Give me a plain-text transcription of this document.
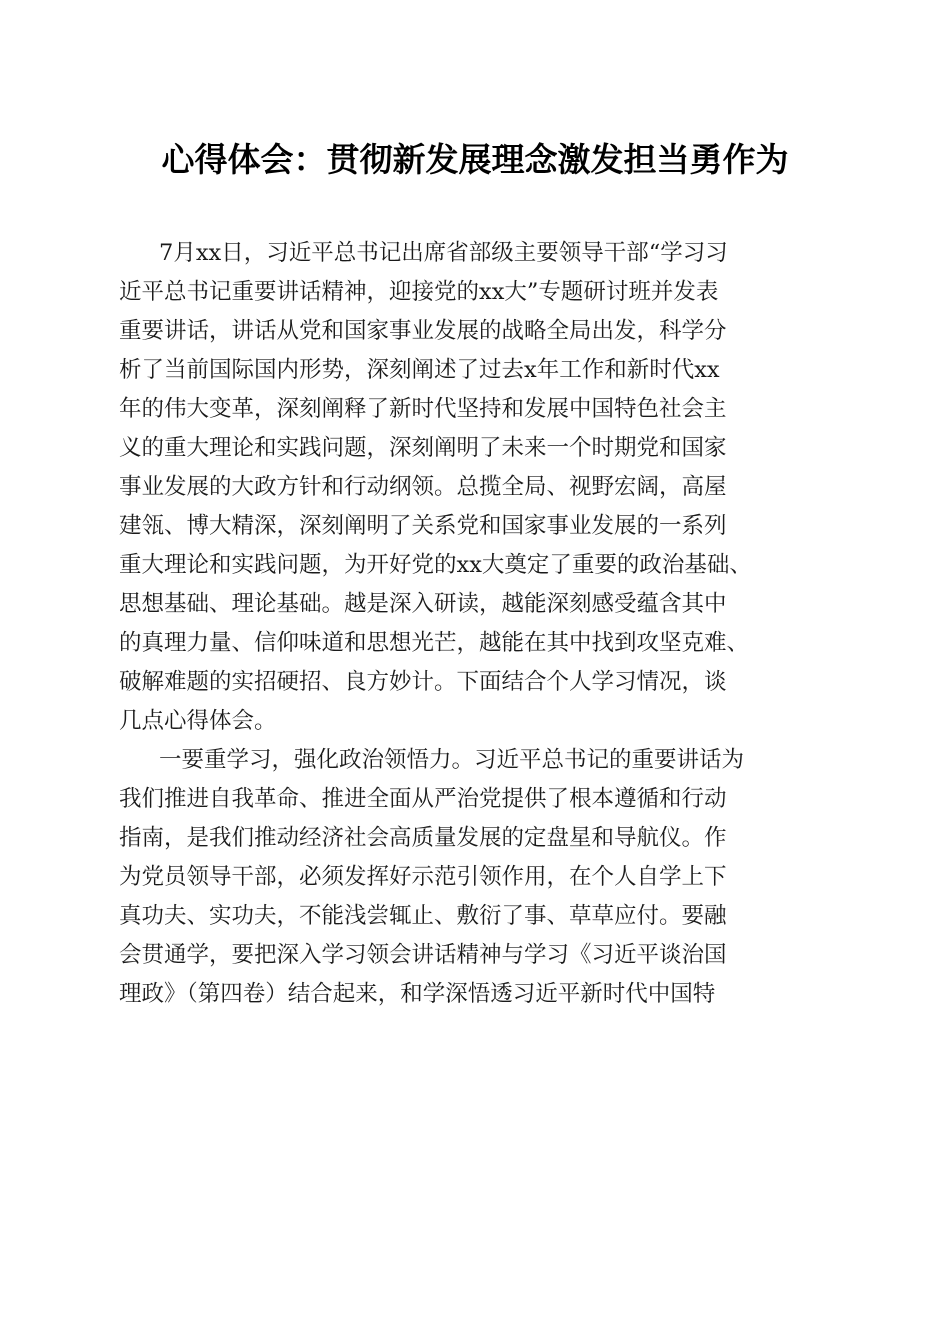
心得体会：贯彻新发展理念激发担当勇作为
7月xx日，习近平总书记出席省部级主要领导干部“学习习
近平总书记重要讲话精神，迎接党的xx大”专题研讨班并发表
重要讲话，讲话从党和国家事业发展的战略全局出发，科学分
析了当前国际国内形势，深刻阐述了过去x年工作和新时代xx
年的伟大变革，深刻阐释了新时代坚持和发展中国特色社会主
义的重大理论和实践问题，深刻阐明了未来一个时期党和国家
事业发展的大政方针和行动纲领。总揽全局、视野宏阔，高屋
建瓴、博大精深，深刻阐明了关系党和国家事业发展的一系列
重大理论和实践问题，为开好党的xx大奠定了重要的政治基础、
思想基础、理论基础。越是深入研读，越能深刻感受蕴含其中
的真理力量、信仰味道和思想光芒，越能在其中找到攻坚克难、
破解难题的实招硬招、良方妙计。下面结合个人学习情况，谈
几点心得体会。
一要重学习，强化政治领悟力。习近平总书记的重要讲话为
我们推进自我革命、推进全面从严治党提供了根本遵循和行动
指南，是我们推动经济社会高质量发展的定盘星和导航仪。作
为党员领导干部，必须发挥好示范引领作用，在个人自学上下
真功夫、实功夫，不能浅尝辄止、敷衍了事、草草应付。要融
会贯通学，要把深入学习领会讲话精神与学习《习近平谈治国
理政》（第四卷）结合起来，和学深悟透习近平新时代中国特
